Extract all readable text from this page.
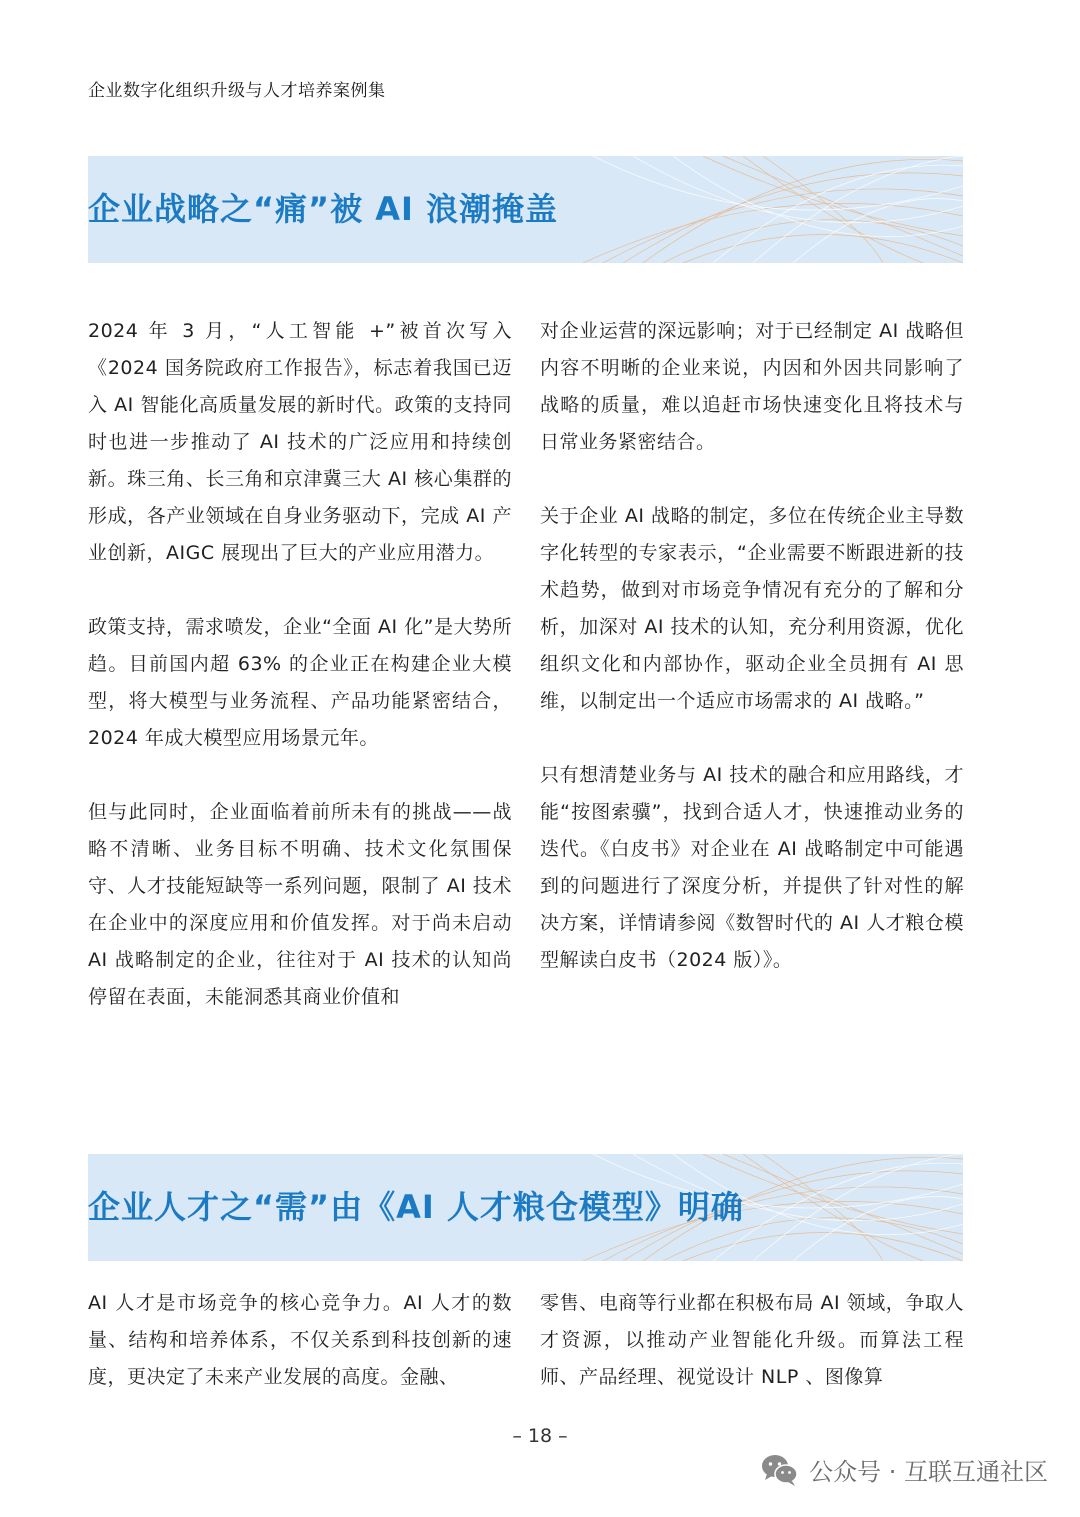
企业数字化组织升级与人才培养案例集
企业战略之“痛”被 AI 浪潮掩盖

2024 年 3 月，“人工智能 +”被首次写入《2024 国务院政府工作报告》，标志着我国已迈入 AI 智能化高质量发展的新时代。政策的支持同时也进一步推动了 AI 技术的广泛应用和持续创新。珠三角、长三角和京津冀三大 AI 核心集群的形成，各产业领域在自身业务驱动下，完成 AI 产业创新，AIGC 展现出了巨大的产业应用潜力。

政策支持，需求喷发，企业“全面 AI 化”是大势所趋。目前国内超 63% 的企业正在构建企业大模型，将大模型与业务流程、产品功能紧密结合，2024 年成大模型应用场景元年。

但与此同时，企业面临着前所未有的挑战——战略不清晰、业务目标不明确、技术文化氛围保守、人才技能短缺等一系列问题，限制了 AI 技术在企业中的深度应用和价值发挥。对于尚未启动 AI 战略制定的企业，往往对于 AI 技术的认知尚停留在表面，未能洞悉其商业价值和

对企业运营的深远影响；对于已经制定 AI 战略但内容不明晰的企业来说，内因和外因共同影响了战略的质量，难以追赶市场快速变化且将技术与日常业务紧密结合。

关于企业 AI 战略的制定，多位在传统企业主导数字化转型的专家表示，“企业需要不断跟进新的技术趋势，做到对市场竞争情况有充分的了解和分析，加深对 AI 技术的认知，充分利用资源，优化组织文化和内部协作，驱动企业全员拥有 AI 思维，以制定出一个适应市场需求的 AI 战略。”

只有想清楚业务与 AI 技术的融合和应用路线，才能“按图索骥”，找到合适人才，快速推动业务的迭代。《白皮书》对企业在 AI 战略制定中可能遇到的问题进行了深度分析，并提供了针对性的解决方案，详情请参阅《数智时代的 AI 人才粮仓模型解读白皮书（2024 版）》。

企业人才之“需”由《AI 人才粮仓模型》明确

AI 人才是市场竞争的核心竞争力。AI 人才的数量、结构和培养体系，不仅关系到科技创新的速度，更决定了未来产业发展的高度。金融、

零售、电商等行业都在积极布局 AI 领域，争取人才资源，以推动产业智能化升级。而算法工程师、产品经理、视觉设计 NLP 、图像算

– 18 –
公众号 · 互联互通社区
